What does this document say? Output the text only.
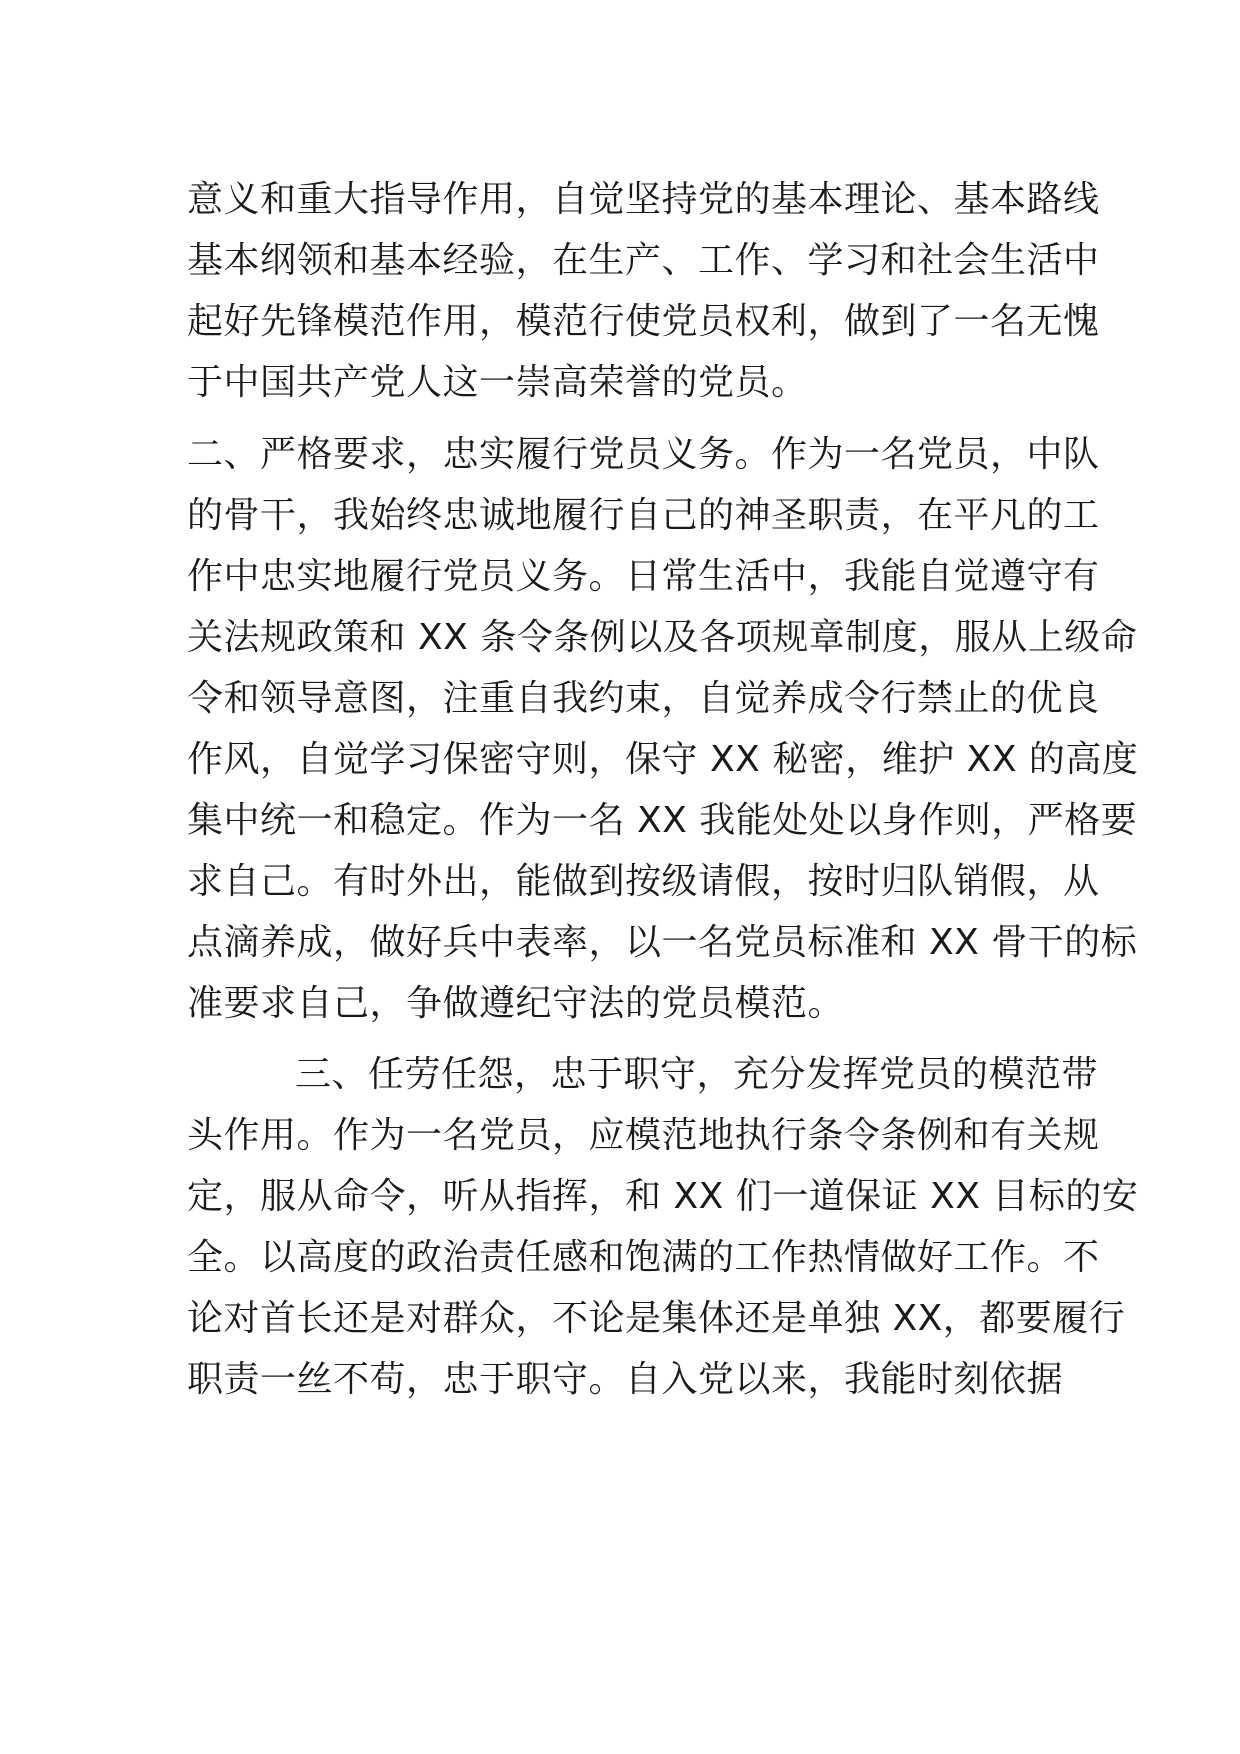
意义和重大指导作用，自觉坚持党的基本理论、基本路线
基本纲领和基本经验，在生产、工作、学习和社会生活中
起好先锋模范作用，模范行使党员权利，做到了一名无愧
于中国共产党人这一崇高荣誉的党员。
二、严格要求，忠实履行党员义务。作为一名党员，中队
的骨干，我始终忠诚地履行自己的神圣职责，在平凡的工
作中忠实地履行党员义务。日常生活中，我能自觉遵守有
关法规政策和 XX 条令条例以及各项规章制度，服从上级命
令和领导意图，注重自我约束，自觉养成令行禁止的优良
作风，自觉学习保密守则，保守 XX 秘密，维护 XX 的高度
集中统一和稳定。作为一名 XX 我能处处以身作则，严格要
求自己。有时外出，能做到按级请假，按时归队销假，从
点滴养成，做好兵中表率，以一名党员标准和 XX 骨干的标
准要求自己，争做遵纪守法的党员模范。
三、任劳任怨，忠于职守，充分发挥党员的模范带
头作用。作为一名党员，应模范地执行条令条例和有关规
定，服从命令，听从指挥，和 XX 们一道保证 XX 目标的安
全。以高度的政治责任感和饱满的工作热情做好工作。不
论对首长还是对群众，不论是集体还是单独 XX，都要履行
职责一丝不苟，忠于职守。自入党以来，我能时刻依据
